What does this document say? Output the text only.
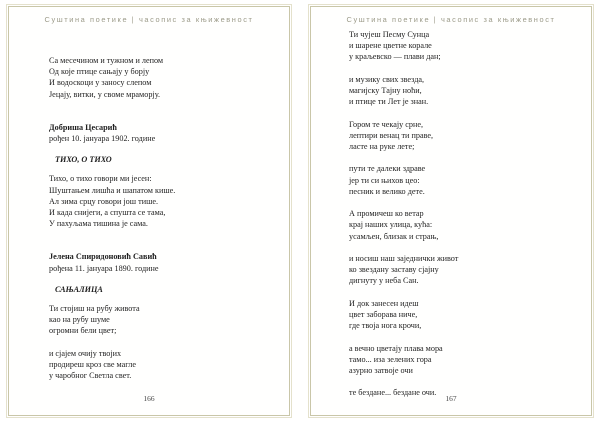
Суштина поетике | часопис за књижевност
Са месечином и тужном и лепом
Од које птице сањају у борју
И водоскоци у заносу слепом
Јецају, витки, у своме мраморју.
Добриша Цесарић
рођен 10. јануара 1902. године
ТИХО, О ТИХО
Тихо, о тихо говори ми јесен:
Шуштањем лишћа и шапатом кише.
Ал зима срцу говори још тише.
И када снијеги, а спушта се тама,
У пахуљама тишина је сама.
Јелена Спиридоновић Савић
рођена 11. јануара 1890. године
САЊАЛИЦА
Ти стојиш на рубу живота
као на рубу шуме
огромни бели цвет;
и сјајем очију твојих
продиреш кроз све магле
у чаробног Светла свет.
166
Суштина поетике | часопис за књижевност
Ти чујеш Песму Сунца
и шарене цветне корале
у краљевско — плави дан;
и музику свих звезда,
магијску Тајну ноћи,
и птице ти Лет је знан.
Гором те чекају срне,
лептири венац ти праве,
ласте на руке лете;
пути те далеки здраве
јер ти си њихов цео:
песник и велико дете.
А промичеш ко ветар
крај наших улица, кућа:
усамљен, близак и страњ,
и носиш наш заједнички живот
ко звездану заставу сјајну
дигнуту у неба Сан.
И док занесен идеш
цвет заборава ниче,
где твоја нога крочи,
а вечно цветају плава мора
тамо... иза зелених гора
азурно затвоје очи
те бездане... бездане очи.
167
